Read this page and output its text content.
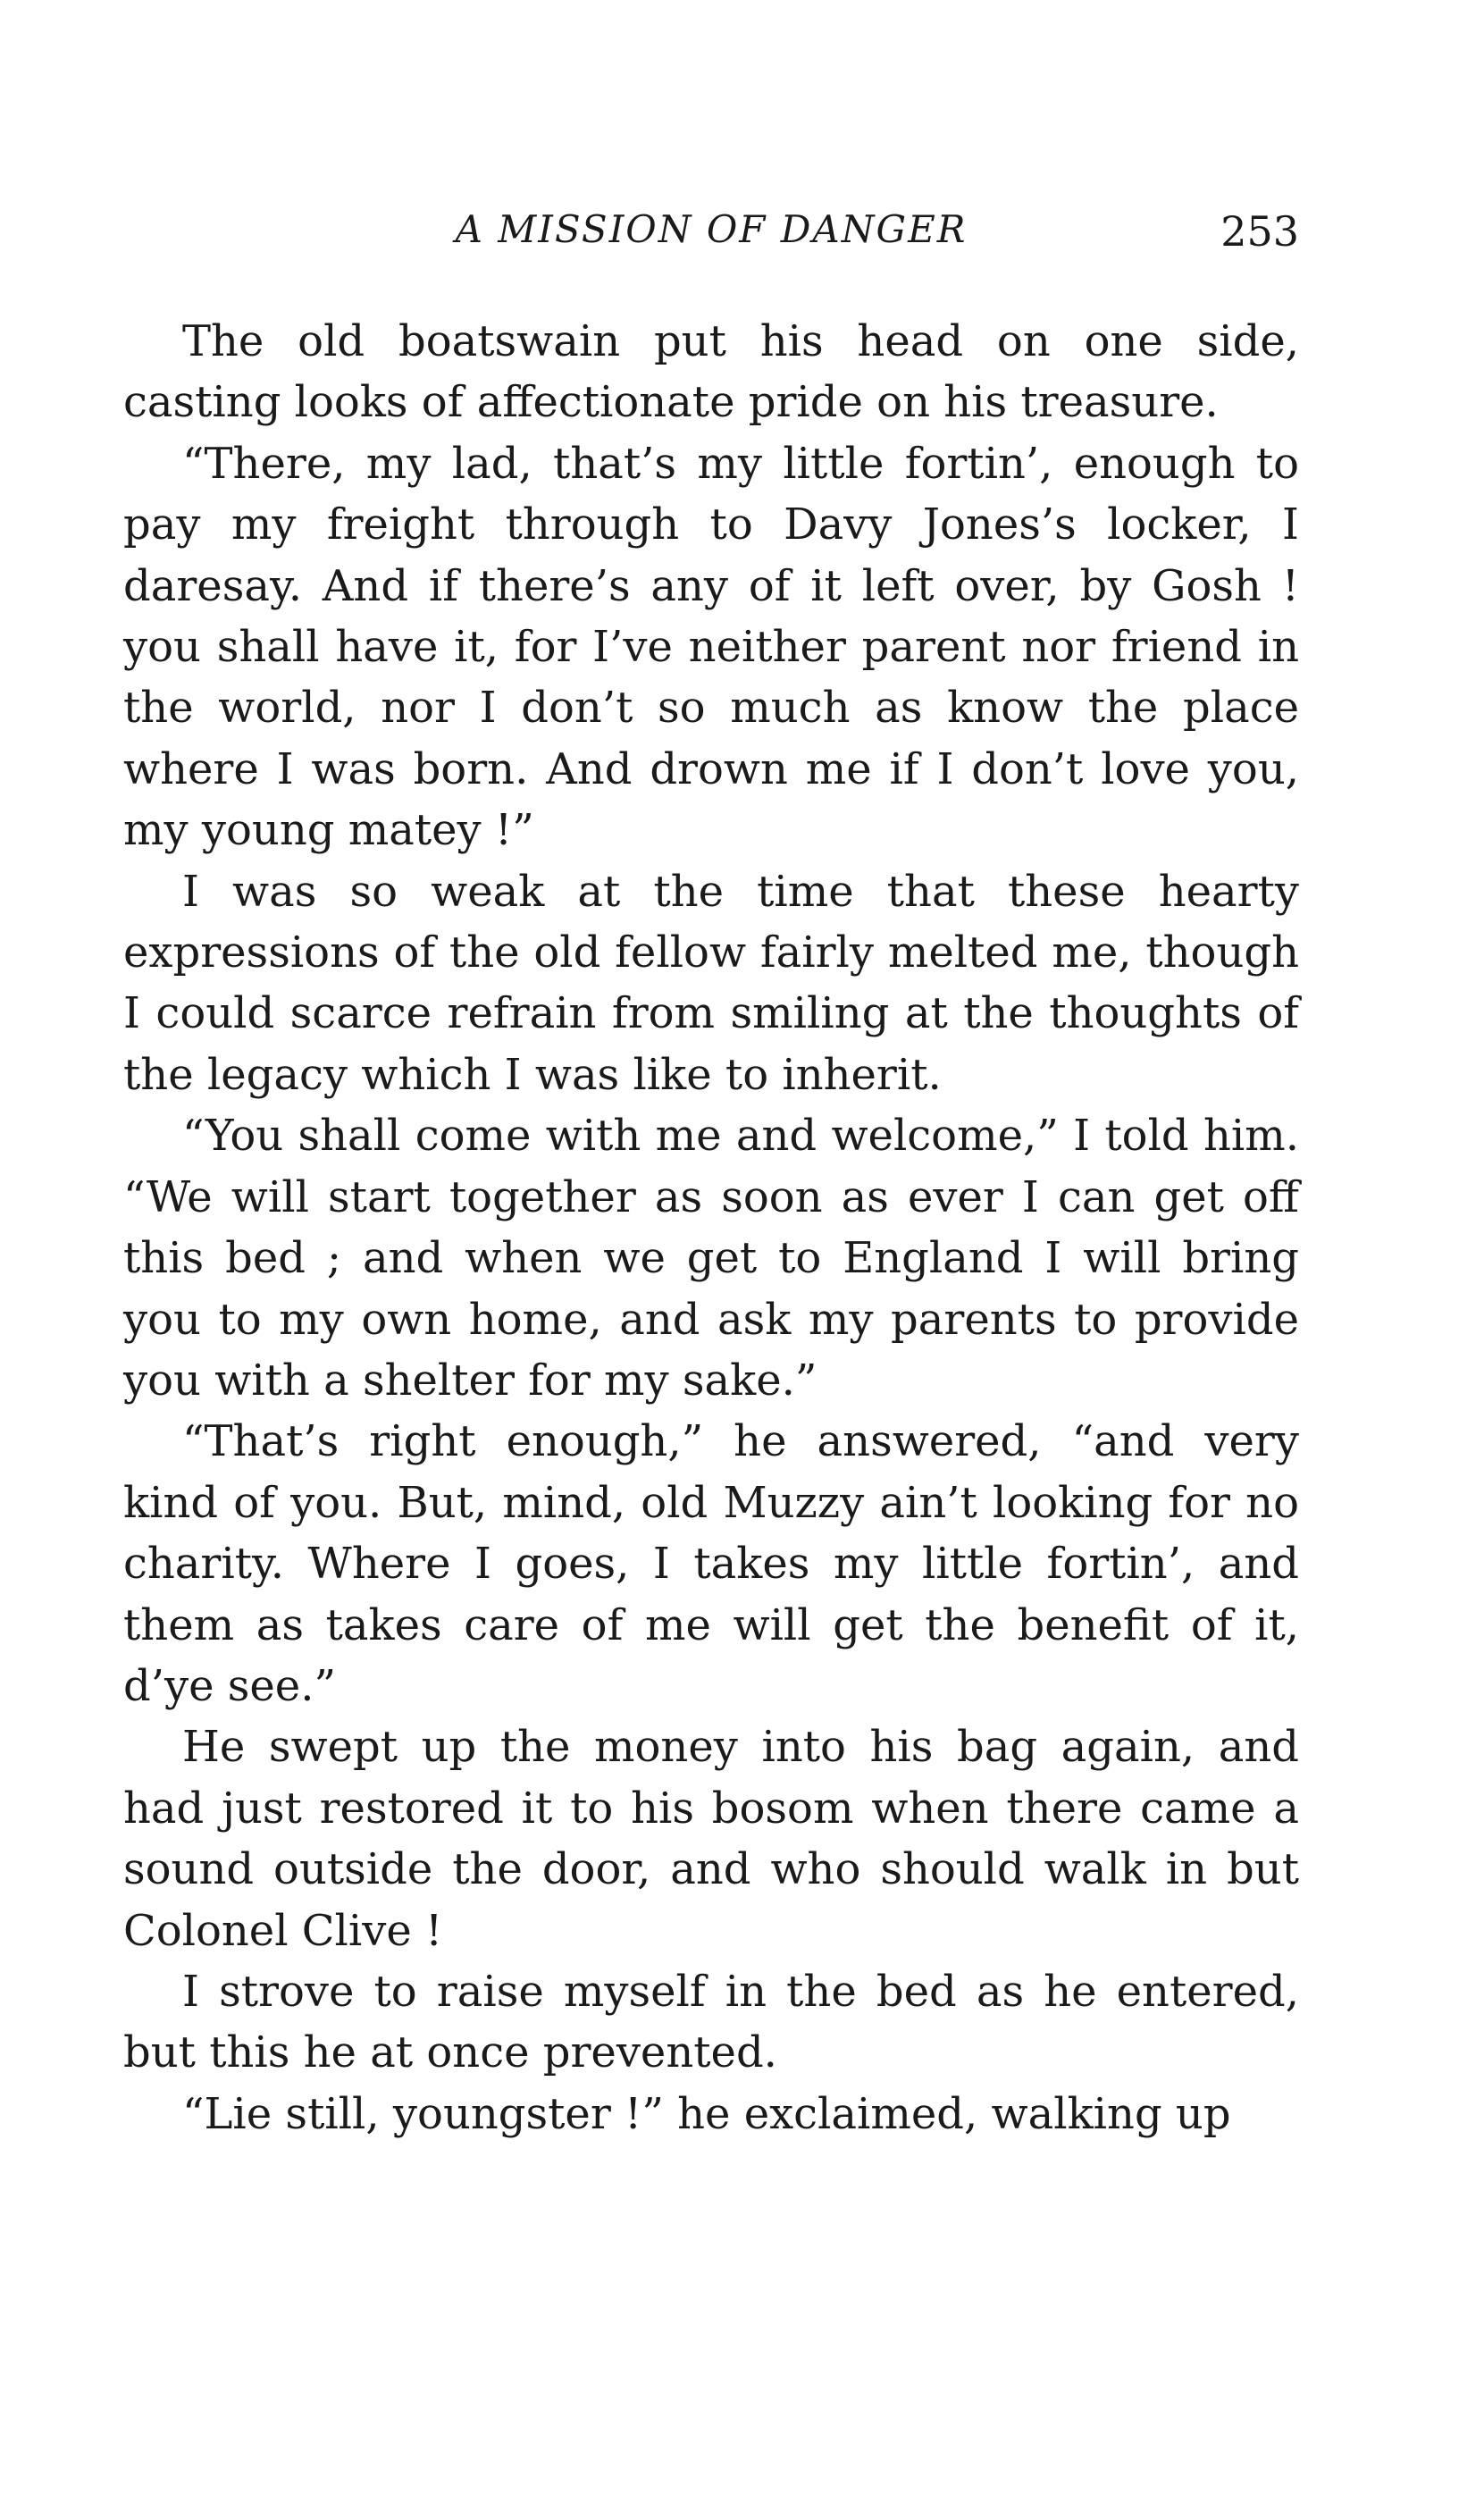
A MISSION OF DANGER	253

The old boatswain put his head on one side, casting looks of affectionate pride on his treasure.

“There, my lad, that’s my little fortin’, enough to pay my freight through to Davy Jones’s locker, I daresay. And if there’s any of it left over, by Gosh ! you shall have it, for I’ve neither parent nor friend in the world, nor I don’t so much as know the place where I was born. And drown me if I don’t love you, my young matey !”

I was so weak at the time that these hearty expressions of the old fellow fairly melted me, though I could scarce refrain from smiling at the thoughts of the legacy which I was like to inherit.

“You shall come with me and welcome,” I told him. “We will start together as soon as ever I can get off this bed ; and when we get to England I will bring you to my own home, and ask my parents to provide you with a shelter for my sake.”

“That’s right enough,” he answered, “and very kind of you. But, mind, old Muzzy ain’t looking for no charity. Where I goes, I takes my little fortin’, and them as takes care of me will get the benefit of it, d’ye see.”

He swept up the money into his bag again, and had just restored it to his bosom when there came a sound outside the door, and who should walk in but Colonel Clive !

I strove to raise myself in the bed as he entered, but this he at once prevented.

“Lie still, youngster !” he exclaimed, walking up
